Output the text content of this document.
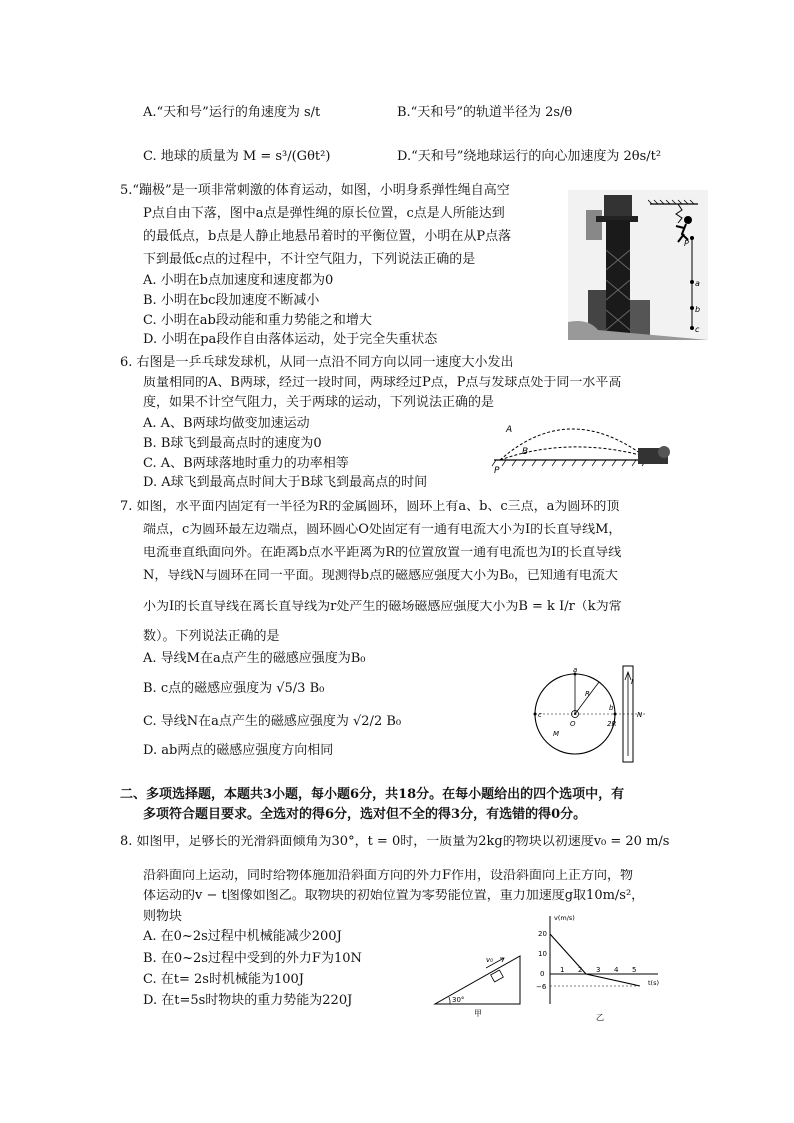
A.“天和号”运行的角速度为 s/t	B.“天和号”的轨道半径为 2s/θ
C. 地球的质量为 M = s³/(Gθt²)	D.“天和号”绕地球运行的向心加速度为 2θs/t²
5.“蹦极”是一项非常刺激的体育运动，如图，小明身系弹性绳自高空
P点自由下落，图中a点是弹性绳的原长位置，c点是人所能达到
的最低点，b点是人静止地悬吊着时的平衡位置，小明在从P点落
下到最低c点的过程中，不计空气阻力，下列说法正确的是
A. 小明在b点加速度和速度都为0
B. 小明在bc段加速度不断减小
C. 小明在ab段动能和重力势能之和增大
D. 小明在pa段作自由落体运动，处于完全失重状态
P
a
b
c
6. 右图是一乒乓球发球机，从同一点沿不同方向以同一速度大小发出
质量相同的A、B两球，经过一段时间，两球经过P点，P点与发球点处于同一水平高
度，如果不计空气阻力，关于两球的运动，下列说法正确的是
A. A、B两球均做变加速运动
B. B球飞到最高点时的速度为0
C. A、B两球落地时重力的功率相等
D. A球飞到最高点时间大于B球飞到最高点的时间
A
B
P
7. 如图，水平面内固定有一半径为R的金属圆环，圆环上有a、b、c三点，a为圆环的顶
端点，c为圆环最左边端点，圆环圆心O处固定有一通有电流大小为I的长直导线M，
电流垂直纸面向外。在距离b点水平距离为R的位置放置一通有电流也为I的长直导线
N，导线N与圆环在同一平面。现测得b点的磁感应强度大小为B₀，已知通有电流大
小为I的长直导线在离长直导线为r处产生的磁场磁感应强度大小为B = k I/r（k为常
数）。下列说法正确的是
A. 导线M在a点产生的磁感应强度为B₀
B. c点的磁感应强度为 √5/3 B₀
C. 导线N在a点产生的磁感应强度为 √2/2 B₀
D. ab两点的磁感应强度方向相同
a
R
c
O
b
2R
M
I
N
二、多项选择题，本题共3小题，每小题6分，共18分。在每小题给出的四个选项中，有
多项符合题目要求。全选对的得6分，选对但不全的得3分，有选错的得0分。
8. 如图甲，足够长的光滑斜面倾角为30°，t = 0时，一质量为2kg的物块以初速度v₀ = 20 m/s
沿斜面向上运动，同时给物体施加沿斜面方向的外力F作用，设沿斜面向上正方向，物
体运动的v − t图像如图乙。取物块的初始位置为零势能位置，重力加速度g取10m/s²，
则物块
A. 在0~2s过程中机械能减少200J
B. 在0~2s过程中受到的外力F为10N
C. 在t= 2s时机械能为100J
D. 在t=5s时物块的重力势能为220J	30°
v₀
甲
v(m/s)
t(s)
20
10
0
−6
1 2 3 4 5
乙
